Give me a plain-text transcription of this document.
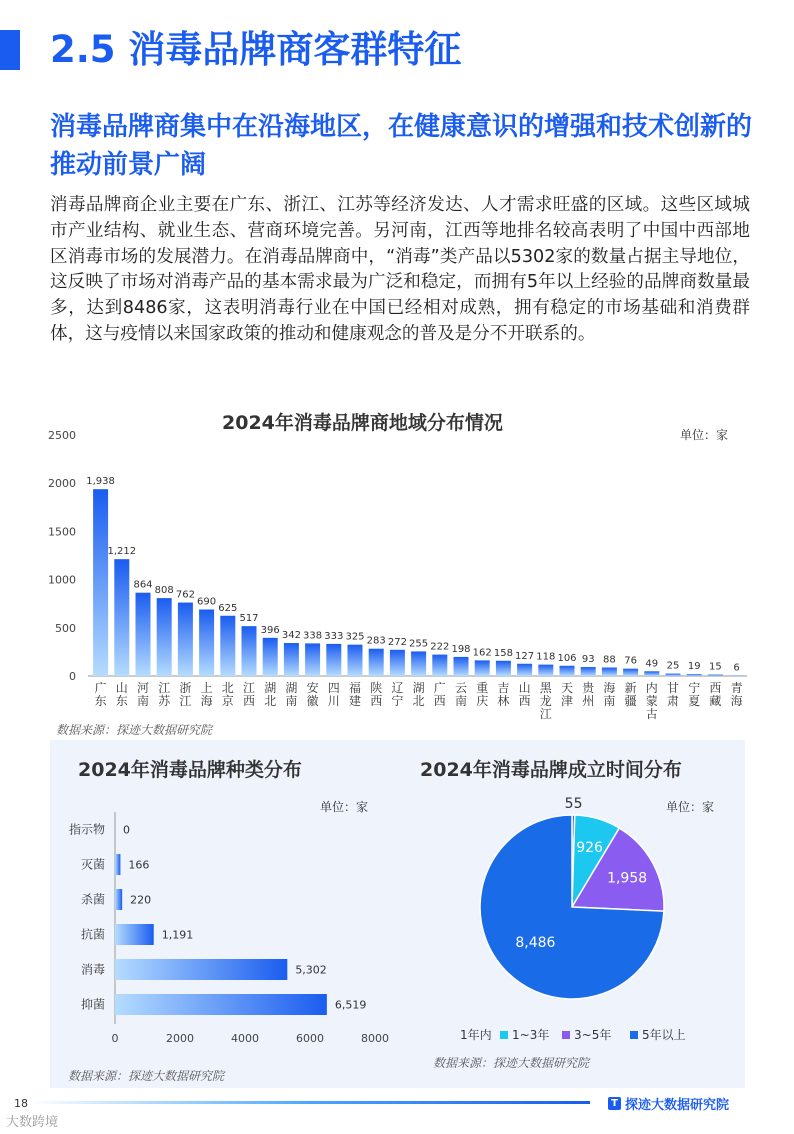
2.5 消毒品牌商客群特征
消毒品牌商集中在沿海地区，在健康意识的增强和技术创新的推动前景广阔

消毒品牌商企业主要在广东、浙江、江苏等经济发达、人才需求旺盛的区域。这些区域城市产业结构、就业生态、营商环境完善。另河南，江西等地排名较高表明了中国中西部地区消毒市场的发展潜力。在消毒品牌商中，“消毒”类产品以5302家的数量占据主导地位，这反映了市场对消毒产品的基本需求最为广泛和稳定，而拥有5年以上经验的品牌商数量最多，达到8486家，这表明消毒行业在中国已经相对成熟，拥有稳定的市场基础和消费群体，这与疫情以来国家政策的推动和健康观念的普及是分不开联系的。

2024年消毒品牌商地域分布情况
单位：家
0
500
1000
1500
2000
2500
1,938
广东
1,212
山东
864
河南
808
江苏
762
浙江
690
上海
625
北京
517
江西
396
湖北
342
湖南
338
安徽
333
四川
325
福建
283
陕西
272
辽宁
255
湖北
222
广西
198
云南
162
重庆
158
吉林
127
山西
118
黑龙江
106
天津
93
贵州
88
海南
76
新疆
49
内蒙古
25
甘肃
19
宁夏
15
西藏
6
青海
数据来源：探迹大数据研究院
2024年消毒品牌种类分布
单位：家
指示物 0
灭菌 166
杀菌 220
抗菌	1,191
消毒	5,302
抑菌	6,519
0	2000	4000	6000	8000
数据来源：探迹大数据研究院
2024年消毒品牌成立时间分布
单位：家
55
926
1,958
8,486
1年内 1~3年 3~5年	5年以上
数据来源：探迹大数据研究院
18	T 探迹大数据研究院
大数跨境
